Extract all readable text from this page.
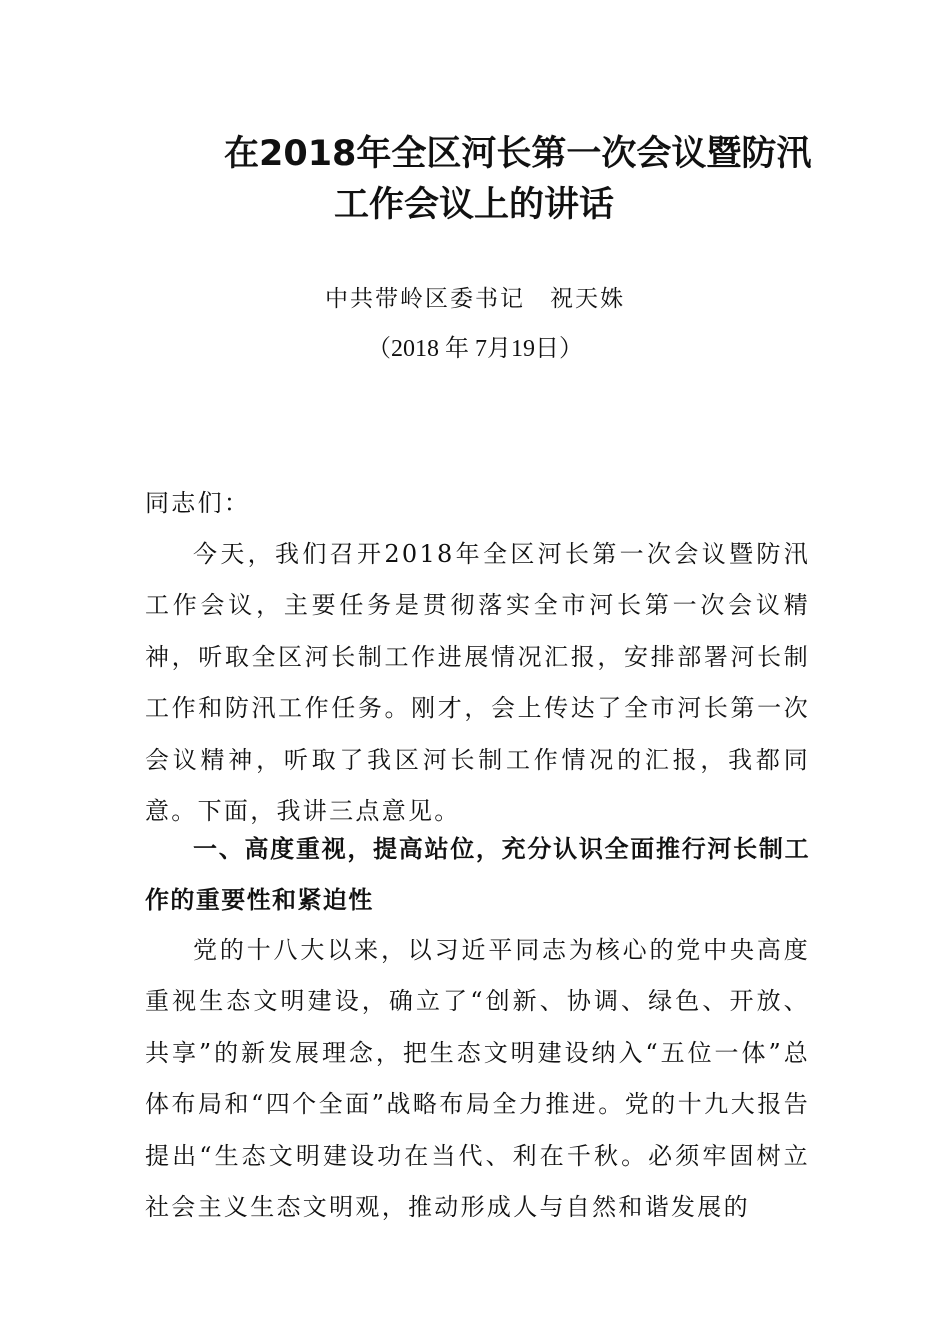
在2018年全区河长第一次会议暨防汛
工作会议上的讲话
中共带岭区委书记　祝天姝
（2018 年 7月19日）
同志们：
今天，我们召开2018年全区河长第一次会议暨防汛工作会议，主要任务是贯彻落实全市河长第一次会议精神，听取全区河长制工作进展情况汇报，安排部署河长制工作和防汛工作任务。刚才，会上传达了全市河长第一次会议精神，听取了我区河长制工作情况的汇报，我都同意。下面，我讲三点意见。
一、高度重视，提高站位，充分认识全面推行河长制工作的重要性和紧迫性
党的十八大以来，以习近平同志为核心的党中央高度重视生态文明建设，确立了“创新、协调、绿色、开放、共享”的新发展理念，把生态文明建设纳入“五位一体”总体布局和“四个全面”战略布局全力推进。党的十九大报告提出“生态文明建设功在当代、利在千秋。必须牢固树立社会主义生态文明观，推动形成人与自然和谐发展的
